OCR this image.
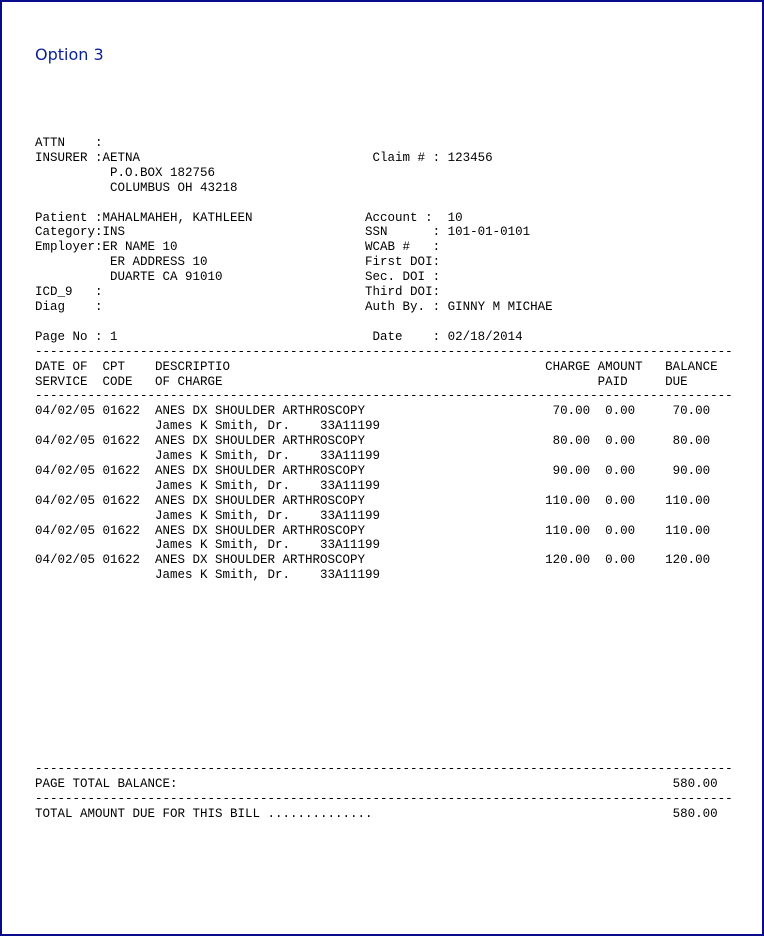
Option 3
ATTN    :
INSURER :AETNA                               Claim # : 123456
P.O.BOX 182756
COLUMBUS OH 43218

Patient :MAHALMAHEH, KATHLEEN               Account :  10
Category:INS                                SSN      : 101-01-0101
Employer:ER NAME 10                         WCAB #   :
ER ADDRESS 10                     First DOI:
DUARTE CA 91010                   Sec. DOI :
ICD_9   :                                   Third DOI:
Diag    :                                   Auth By. : GINNY M MICHAE

Page No : 1                                  Date    : 02/18/2014
---------------------------------------------------------------------------------------------
DATE OF  CPT    DESCRIPTIO                                          CHARGE AMOUNT   BALANCE
SERVICE  CODE   OF CHARGE                                                  PAID     DUE
---------------------------------------------------------------------------------------------
04/02/05 01622  ANES DX SHOULDER ARTHROSCOPY                         70.00  0.00     70.00
James K Smith, Dr.    33A11199
04/02/05 01622  ANES DX SHOULDER ARTHROSCOPY                         80.00  0.00     80.00
James K Smith, Dr.    33A11199
04/02/05 01622  ANES DX SHOULDER ARTHROSCOPY                         90.00  0.00     90.00
James K Smith, Dr.    33A11199
04/02/05 01622  ANES DX SHOULDER ARTHROSCOPY                        110.00  0.00    110.00
James K Smith, Dr.    33A11199
04/02/05 01622  ANES DX SHOULDER ARTHROSCOPY                        110.00  0.00    110.00
James K Smith, Dr.    33A11199
04/02/05 01622  ANES DX SHOULDER ARTHROSCOPY                        120.00  0.00    120.00
James K Smith, Dr.    33A11199

---------------------------------------------------------------------------------------------
PAGE TOTAL BALANCE:                                                                  580.00
---------------------------------------------------------------------------------------------
TOTAL AMOUNT DUE FOR THIS BILL ..............                                        580.00
